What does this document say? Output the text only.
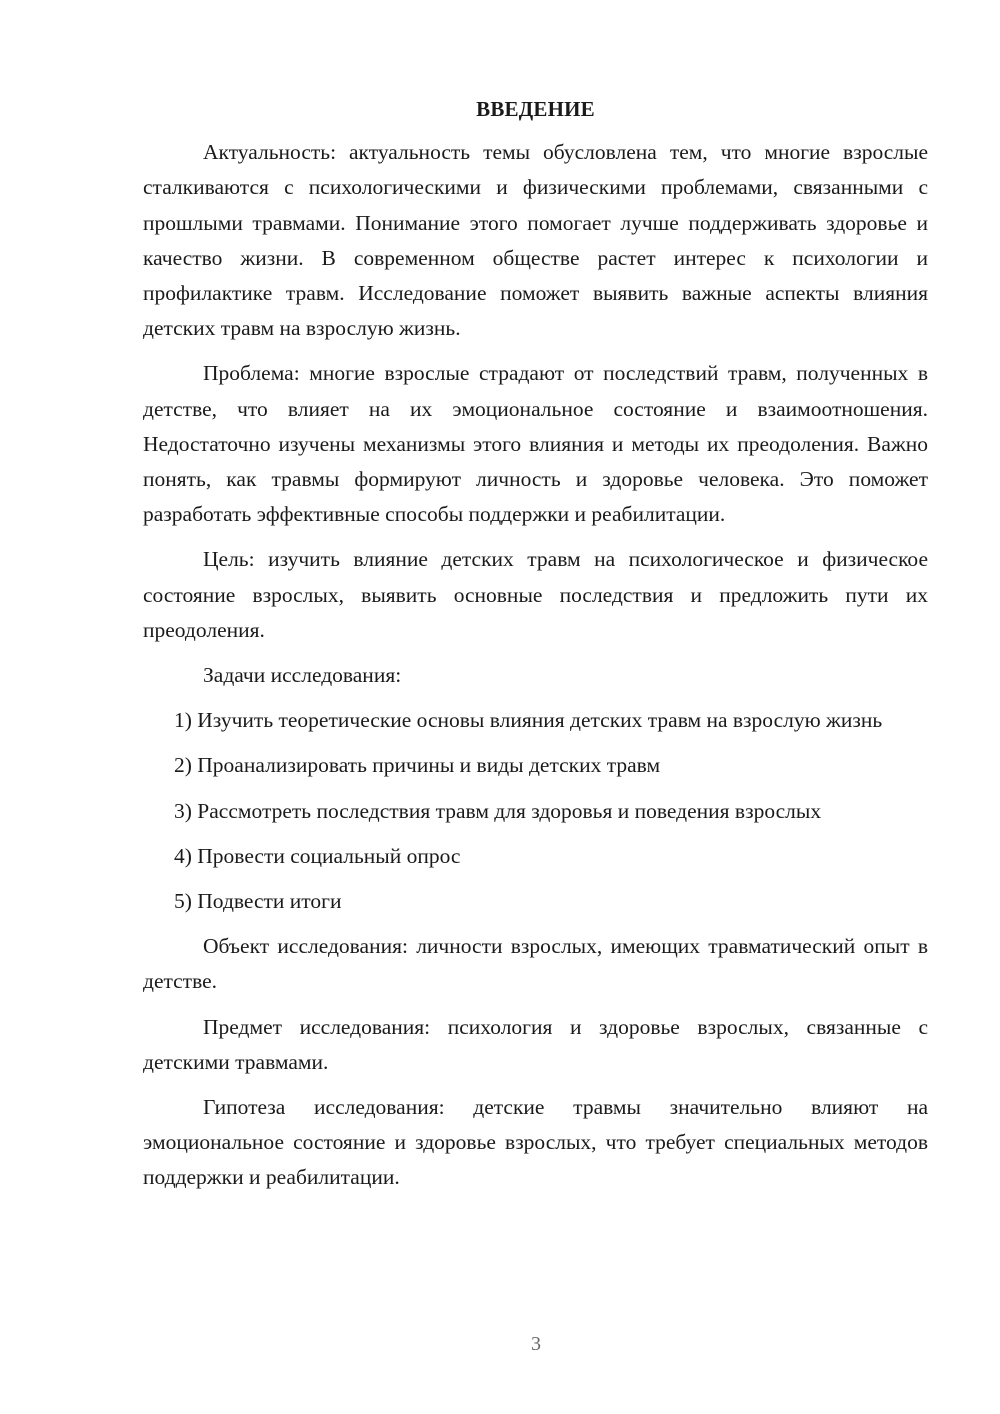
ВВЕДЕНИЕ

Актуальность: актуальность темы обусловлена тем, что многие взрослые сталкиваются с психологическими и физическими проблемами, связанными с прошлыми травмами. Понимание этого помогает лучше поддерживать здоровье и качество жизни. В современном обществе растет интерес к психологии и профилактике травм. Исследование поможет выявить важные аспекты влияния детских травм на взрослую жизнь.

Проблема: многие взрослые страдают от последствий травм, полученных в детстве, что влияет на их эмоциональное состояние и взаимоотношения. Недостаточно изучены механизмы этого влияния и методы их преодоления. Важно понять, как травмы формируют личность и здоровье человека. Это поможет разработать эффективные способы поддержки и реабилитации.

Цель: изучить влияние детских травм на психологическое и физическое состояние взрослых, выявить основные последствия и предложить пути их преодоления.

Задачи исследования:

1) Изучить теоретические основы влияния детских травм на взрослую жизнь

2) Проанализировать причины и виды детских травм

3) Рассмотреть последствия травм для здоровья и поведения взрослых

4) Провести социальный опрос

5) Подвести итоги

Объект исследования: личности взрослых, имеющих травматический опыт в детстве.

Предмет исследования: психология и здоровье взрослых, связанные с детскими травмами.

Гипотеза исследования: детские травмы значительно влияют на эмоциональное состояние и здоровье взрослых, что требует специальных методов поддержки и реабилитации.

3
